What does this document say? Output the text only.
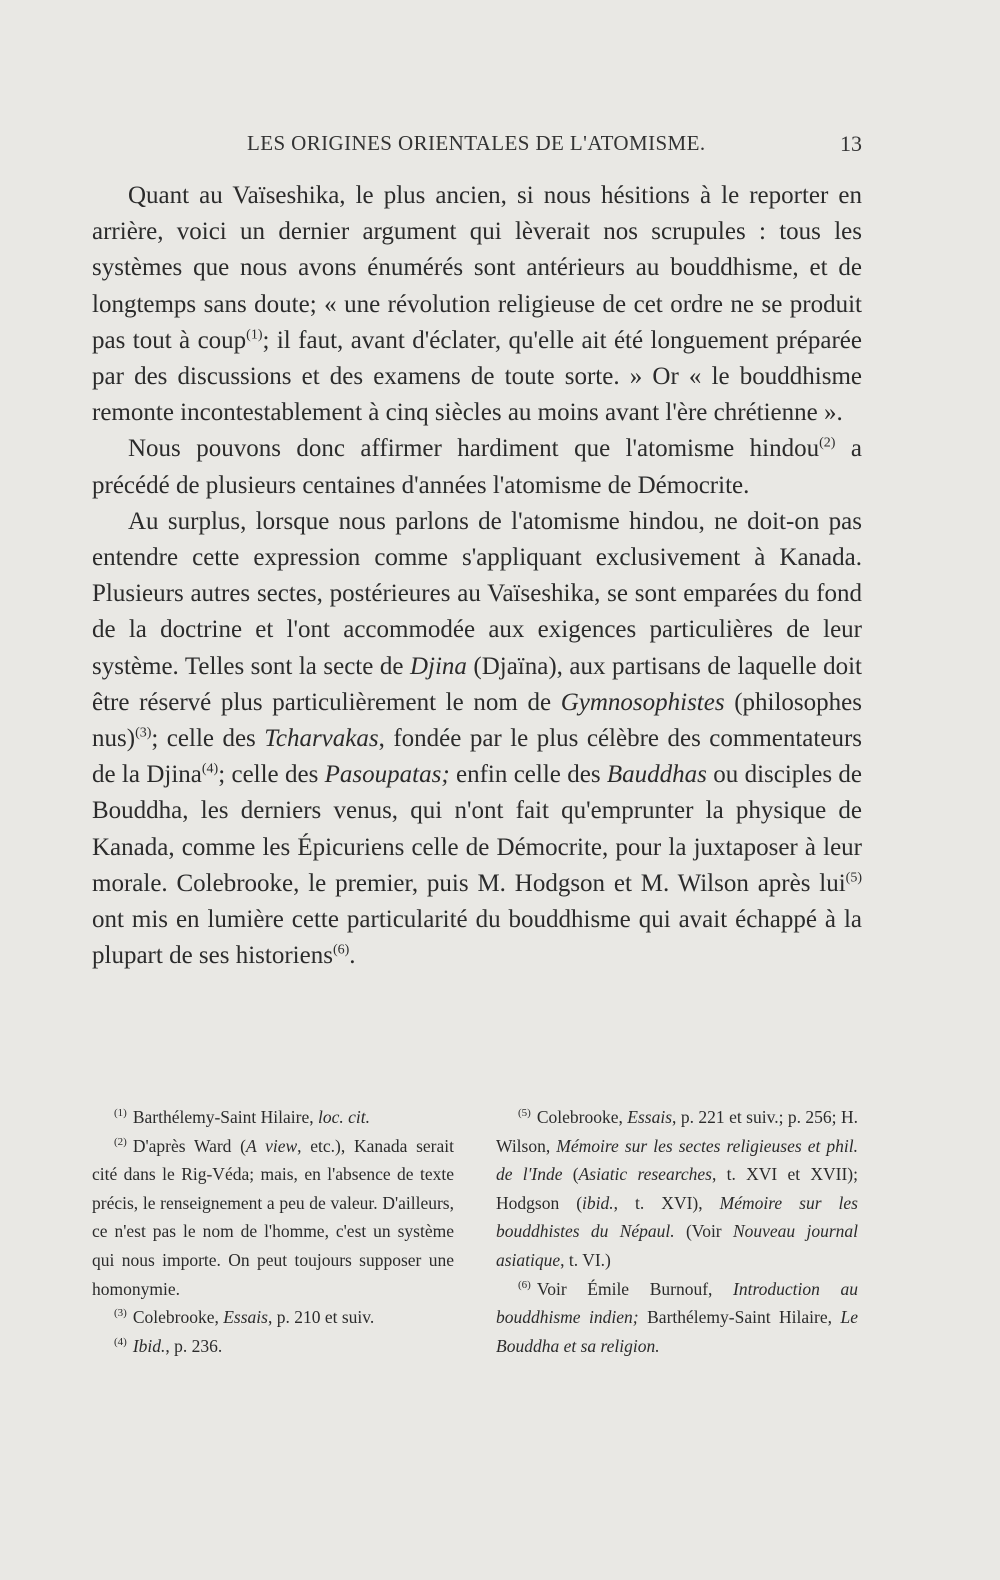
LES ORIGINES ORIENTALES DE L'ATOMISME.	13

Quant au Vaïseshika, le plus ancien, si nous hésitions à le reporter en arrière, voici un dernier argument qui lèverait nos scrupules : tous les systèmes que nous avons énumérés sont antérieurs au bouddhisme, et de longtemps sans doute; « une révolution religieuse de cet ordre ne se produit pas tout à coup$^{(1)}$; il faut, avant d'éclater, qu'elle ait été longuement préparée par des discussions et des examens de toute sorte. » Or « le bouddhisme remonte incontestablement à cinq siècles au moins avant l'ère chrétienne ».

Nous pouvons donc affirmer hardiment que l'atomisme hindou$^{(2)}$ a précédé de plusieurs centaines d'années l'atomisme de Démocrite.

Au surplus, lorsque nous parlons de l'atomisme hindou, ne doit-on pas entendre cette expression comme s'appliquant exclusivement à Kanada. Plusieurs autres sectes, postérieures au Vaïseshika, se sont emparées du fond de la doctrine et l'ont accommodée aux exigences particulières de leur système. Telles sont la secte de Djina (Djaïna), aux partisans de laquelle doit être réservé plus particulièrement le nom de Gymnosophistes (philosophes nus)$^{(3)}$; celle des Tcharvakas, fondée par le plus célèbre des commentateurs de la Djina$^{(4)}$; celle des Pasoupatas; enfin celle des Bauddhas ou disciples de Bouddha, les derniers venus, qui n'ont fait qu'emprunter la physique de Kanada, comme les Épicuriens celle de Démocrite, pour la juxtaposer à leur morale. Colebrooke, le premier, puis M. Hodgson et M. Wilson après lui$^{(5)}$ ont mis en lumière cette particularité du bouddhisme qui avait échappé à la plupart de ses historiens$^{(6)}$.

$^{(1)}$ Barthélemy-Saint Hilaire, loc. cit.

$^{(2)}$ D'après Ward (A view, etc.), Kanada serait cité dans le Rig-Véda; mais, en l'absence de texte précis, le renseignement a peu de valeur. D'ailleurs, ce n'est pas le nom de l'homme, c'est un système qui nous importe. On peut toujours supposer une homonymie.

$^{(3)}$ Colebrooke, Essais, p. 210 et suiv.

$^{(4)}$ Ibid., p. 236.

$^{(5)}$ Colebrooke, Essais, p. 221 et suiv.; p. 256; H. Wilson, Mémoire sur les sectes religieuses et phil. de l'Inde (Asiatic researches, t. XVI et XVII); Hodgson (ibid., t. XVI), Mémoire sur les bouddhistes du Népaul. (Voir Nouveau journal asiatique, t. VI.)

$^{(6)}$ Voir Émile Burnouf, Introduction au bouddhisme indien; Barthélemy-Saint Hilaire, Le Bouddha et sa religion.
